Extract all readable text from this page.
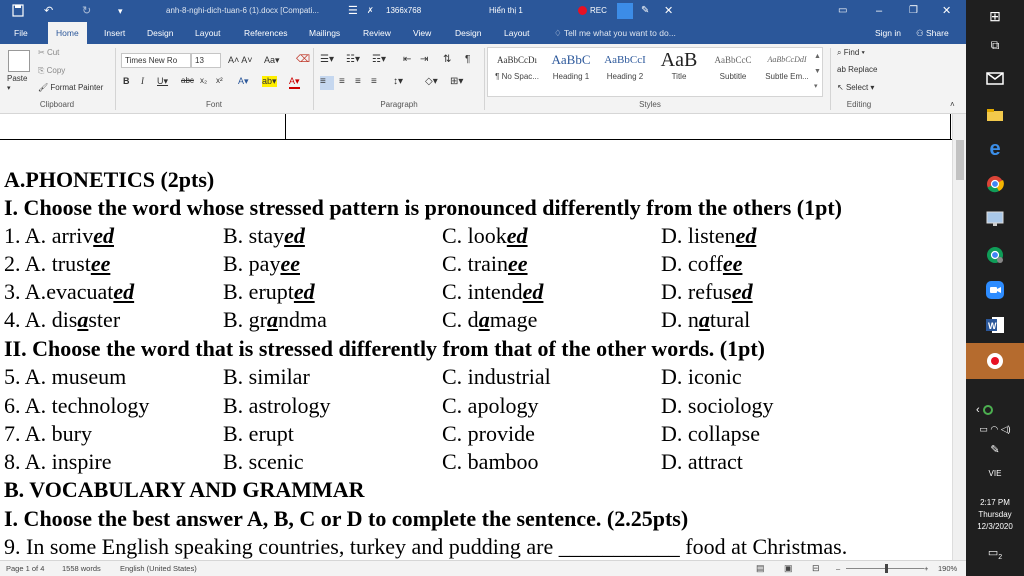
↶	↻	▾	anh-8-nghi-dich-tuan-6 (1).docx [Compati...	☰ ✗ 1366x768	Hiển thị 1	REC	✎ ✕	▭	–	❐ ✕
File	Home	Insert	Design	Layout	References	Mailings	Review	View	Design	Layout	♢ Tell me what you want to do...	Sign in	⚇ Share
Paste
▾
✂ Cut
⎘ Copy
🖌 Format Painter
Clipboard
Times New Ro	13	A˄ A˅ Aa▾ ⌫
B I U▾ abc x₂ x² A▾ ab▾ A▾
Font
☰▾ ☷▾ ☶▾ ⇤ ⇥ ⇅ ¶
≡	≡ ≡ ≡ ↕▾ ◇▾ ⊞▾
Paragraph
AaBbCcDı
¶ No Spac...
AaBbC
Heading 1
AaBbCcI
Heading 2
AaB
Title
AaBbCcC
Subtitle
AaBbCcDdI
Subtle Em...
▲
▼
▾
Styles
⌕ Find ▾
ab Replace
↖ Select ▾
Editing	˄
A.PHONETICS (2pts)
I. Choose the word whose stressed pattern is pronounced differently from the others (1pt)
1. A. arrived	B. stayed	C. looked	D. listened
2. A. trustee	B. payee	C. trainee	D. coffee
3. A.evacuated	B. erupted	C. intended	D. refused
4. A. disaster	B. grandma	C. damage	D. natural
II. Choose the word that is stressed differently from that of the other words. (1pt)
5. A. museum	B. similar	C. industrial	D. iconic
6. A. technology	B. astrology	C. apology	D. sociology
7. A. bury	B. erupt	C. provide	D. collapse
8. A. inspire	B. scenic	C. bamboo	D. attract
B. VOCABULARY AND GRAMMAR
I. Choose the best answer A, B, C or D to complete the sentence. (2.25pts)
9. In some English speaking countries, turkey and pudding are ___________ food at Christmas.
Page 1 of 4 1558 words	English (United States)	▤ ▣ ⊟ –	+ 190%
⊞
⧉
e
W
‹
▭ ◠ ◁)
✎
VIE
2:17 PM
Thursday
12/3/2020
$▭_2$
